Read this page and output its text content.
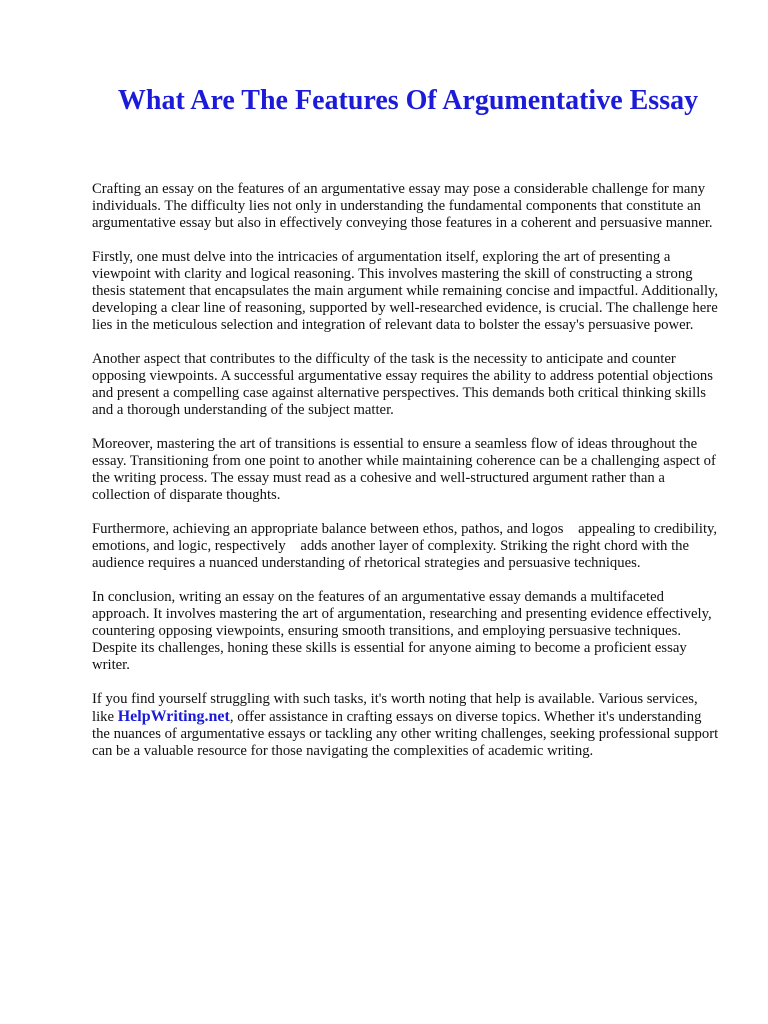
What Are The Features Of Argumentative Essay

Crafting an essay on the features of an argumentative essay may pose a considerable challenge for many individuals. The difficulty lies not only in understanding the fundamental components that constitute an argumentative essay but also in effectively conveying those features in a coherent and persuasive manner.

Firstly, one must delve into the intricacies of argumentation itself, exploring the art of presenting a viewpoint with clarity and logical reasoning. This involves mastering the skill of constructing a strong thesis statement that encapsulates the main argument while remaining concise and impactful. Additionally, developing a clear line of reasoning, supported by well-researched evidence, is crucial. The challenge here lies in the meticulous selection and integration of relevant data to bolster the essay's persuasive power.

Another aspect that contributes to the difficulty of the task is the necessity to anticipate and counter opposing viewpoints. A successful argumentative essay requires the ability to address potential objections and present a compelling case against alternative perspectives. This demands both critical thinking skills and a thorough understanding of the subject matter.

Moreover, mastering the art of transitions is essential to ensure a seamless flow of ideas throughout the essay. Transitioning from one point to another while maintaining coherence can be a challenging aspect of the writing process. The essay must read as a cohesive and well-structured argument rather than a collection of disparate thoughts.

Furthermore, achieving an appropriate balance between ethos, pathos, and logos    appealing to credibility, emotions, and logic, respectively    adds another layer of complexity. Striking the right chord with the audience requires a nuanced understanding of rhetorical strategies and persuasive techniques.

In conclusion, writing an essay on the features of an argumentative essay demands a multifaceted approach. It involves mastering the art of argumentation, researching and presenting evidence effectively, countering opposing viewpoints, ensuring smooth transitions, and employing persuasive techniques. Despite its challenges, honing these skills is essential for anyone aiming to become a proficient essay writer.

If you find yourself struggling with such tasks, it's worth noting that help is available. Various services, like HelpWriting.net, offer assistance in crafting essays on diverse topics. Whether it's understanding the nuances of argumentative essays or tackling any other writing challenges, seeking professional support can be a valuable resource for those navigating the complexities of academic writing.
